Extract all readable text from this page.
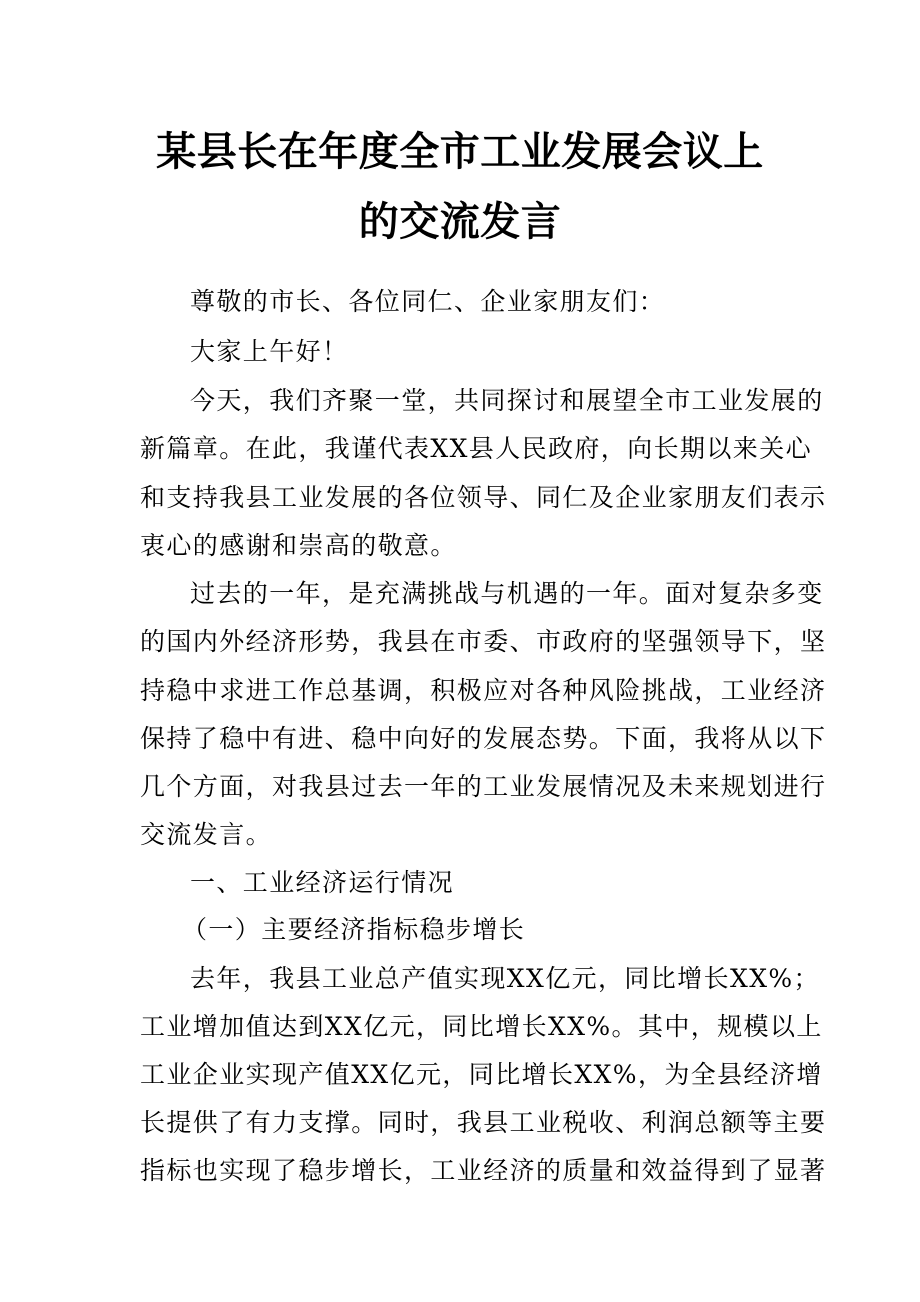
某县长在年度全市工业发展会议上
的交流发言

尊敬的市长、各位同仁、企业家朋友们：

大家上午好！

今天，我们齐聚一堂，共同探讨和展望全市工业发展的

新篇章。在此，我谨代表XX县人民政府，向长期以来关心

和支持我县工业发展的各位领导、同仁及企业家朋友们表示

衷心的感谢和崇高的敬意。

过去的一年，是充满挑战与机遇的一年。面对复杂多变

的国内外经济形势，我县在市委、市政府的坚强领导下，坚

持稳中求进工作总基调，积极应对各种风险挑战，工业经济

保持了稳中有进、稳中向好的发展态势。下面，我将从以下

几个方面，对我县过去一年的工业发展情况及未来规划进行

交流发言。

一、工业经济运行情况

（一）主要经济指标稳步增长

去年，我县工业总产值实现XX亿元，同比增长XX%；

工业增加值达到XX亿元，同比增长XX%。其中，规模以上

工业企业实现产值XX亿元，同比增长XX%，为全县经济增

长提供了有力支撑。同时，我县工业税收、利润总额等主要

指标也实现了稳步增长，工业经济的质量和效益得到了显著
